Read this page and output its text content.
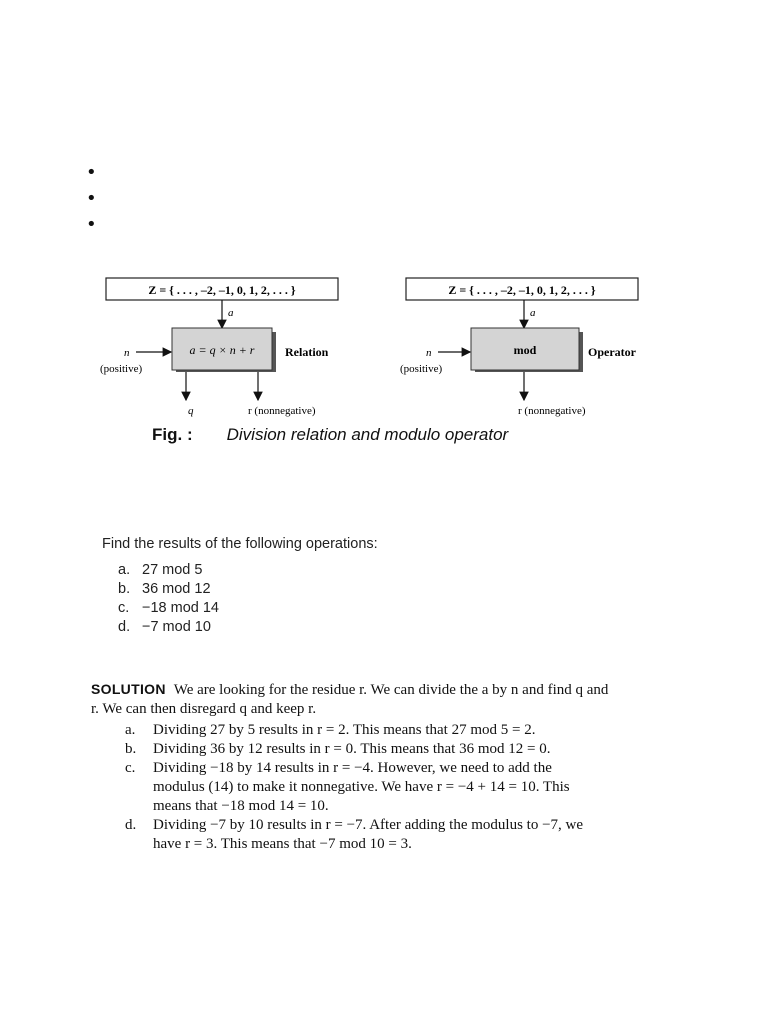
•
•
•
Z = { . . . , –2, –1, 0, 1, 2, . . . }
a
a = q × n + r	Relation
n
(positive)
q	r (nonnegative)
Z = { . . . , –2, –1, 0, 1, 2, . . . }
a
mod	Operator
n
(positive)
r (nonnegative)
Fig. : Division relation and modulo operator

Find the results of the following operations:

a. 27 mod 5
b. 36 mod 12
c. −18 mod 14
d. −7 mod 10
SOLUTION We are looking for the residue r. We can divide the a by n and find q and r. We can then disregard q and keep r.
a.	Dividing 27 by 5 results in r = 2. This means that 27 mod 5 = 2.
b.	Dividing 36 by 12 results in r = 0. This means that 36 mod 12 = 0.
c.	Dividing −18 by 14 results in r = −4. However, we need to add the modulus (14) to make it nonnegative. We have r = −4 + 14 = 10. This means that −18 mod 14 = 10.
d.	Dividing −7 by 10 results in r = −7. After adding the modulus to −7, we have r = 3. This means that −7 mod 10 = 3.
